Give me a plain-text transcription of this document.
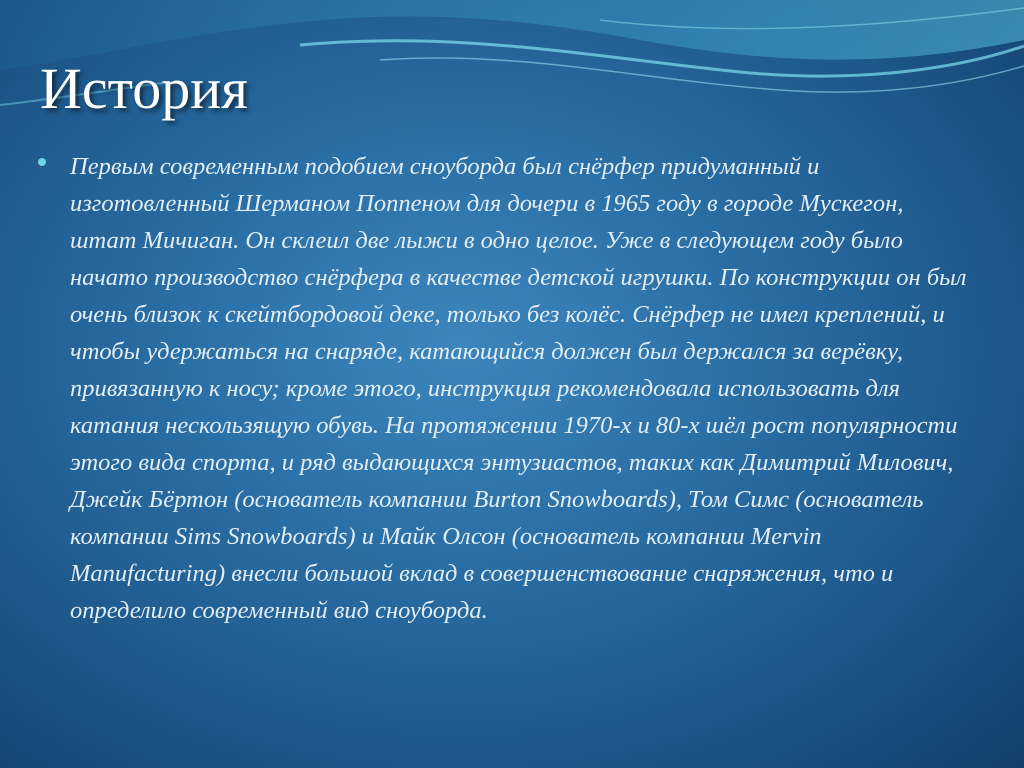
История

Первым современным подобием сноуборда был снёрфер придуманный и изготовленный Шерманом Поппеном для дочери в 1965 году в городе Мускегон, штат Мичиган. Он склеил две лыжи в одно целое. Уже в следующем году было начато производство снёрфера в качестве детской игрушки. По конструкции он был очень близок к скейтбордовой деке, только без колёс. Снёрфер не имел креплений, и чтобы удержаться на снаряде, катающийся должен был держался за верёвку, привязанную к носу; кроме этого, инструкция рекомендовала использовать для катания нескользящую обувь. На протяжении 1970-х и 80-х шёл рост популярности этого вида спорта, и ряд выдающихся энтузиастов, таких как Димитрий Милович, Джейк Бёртон (основатель компании Burton Snowboards), Том Симс (основатель компании Sims Snowboards) и Майк Олсон (основатель компании Mervin Manufacturing) внесли большой вклад в совершенствование снаряжения, что и определило современный вид сноуборда.
